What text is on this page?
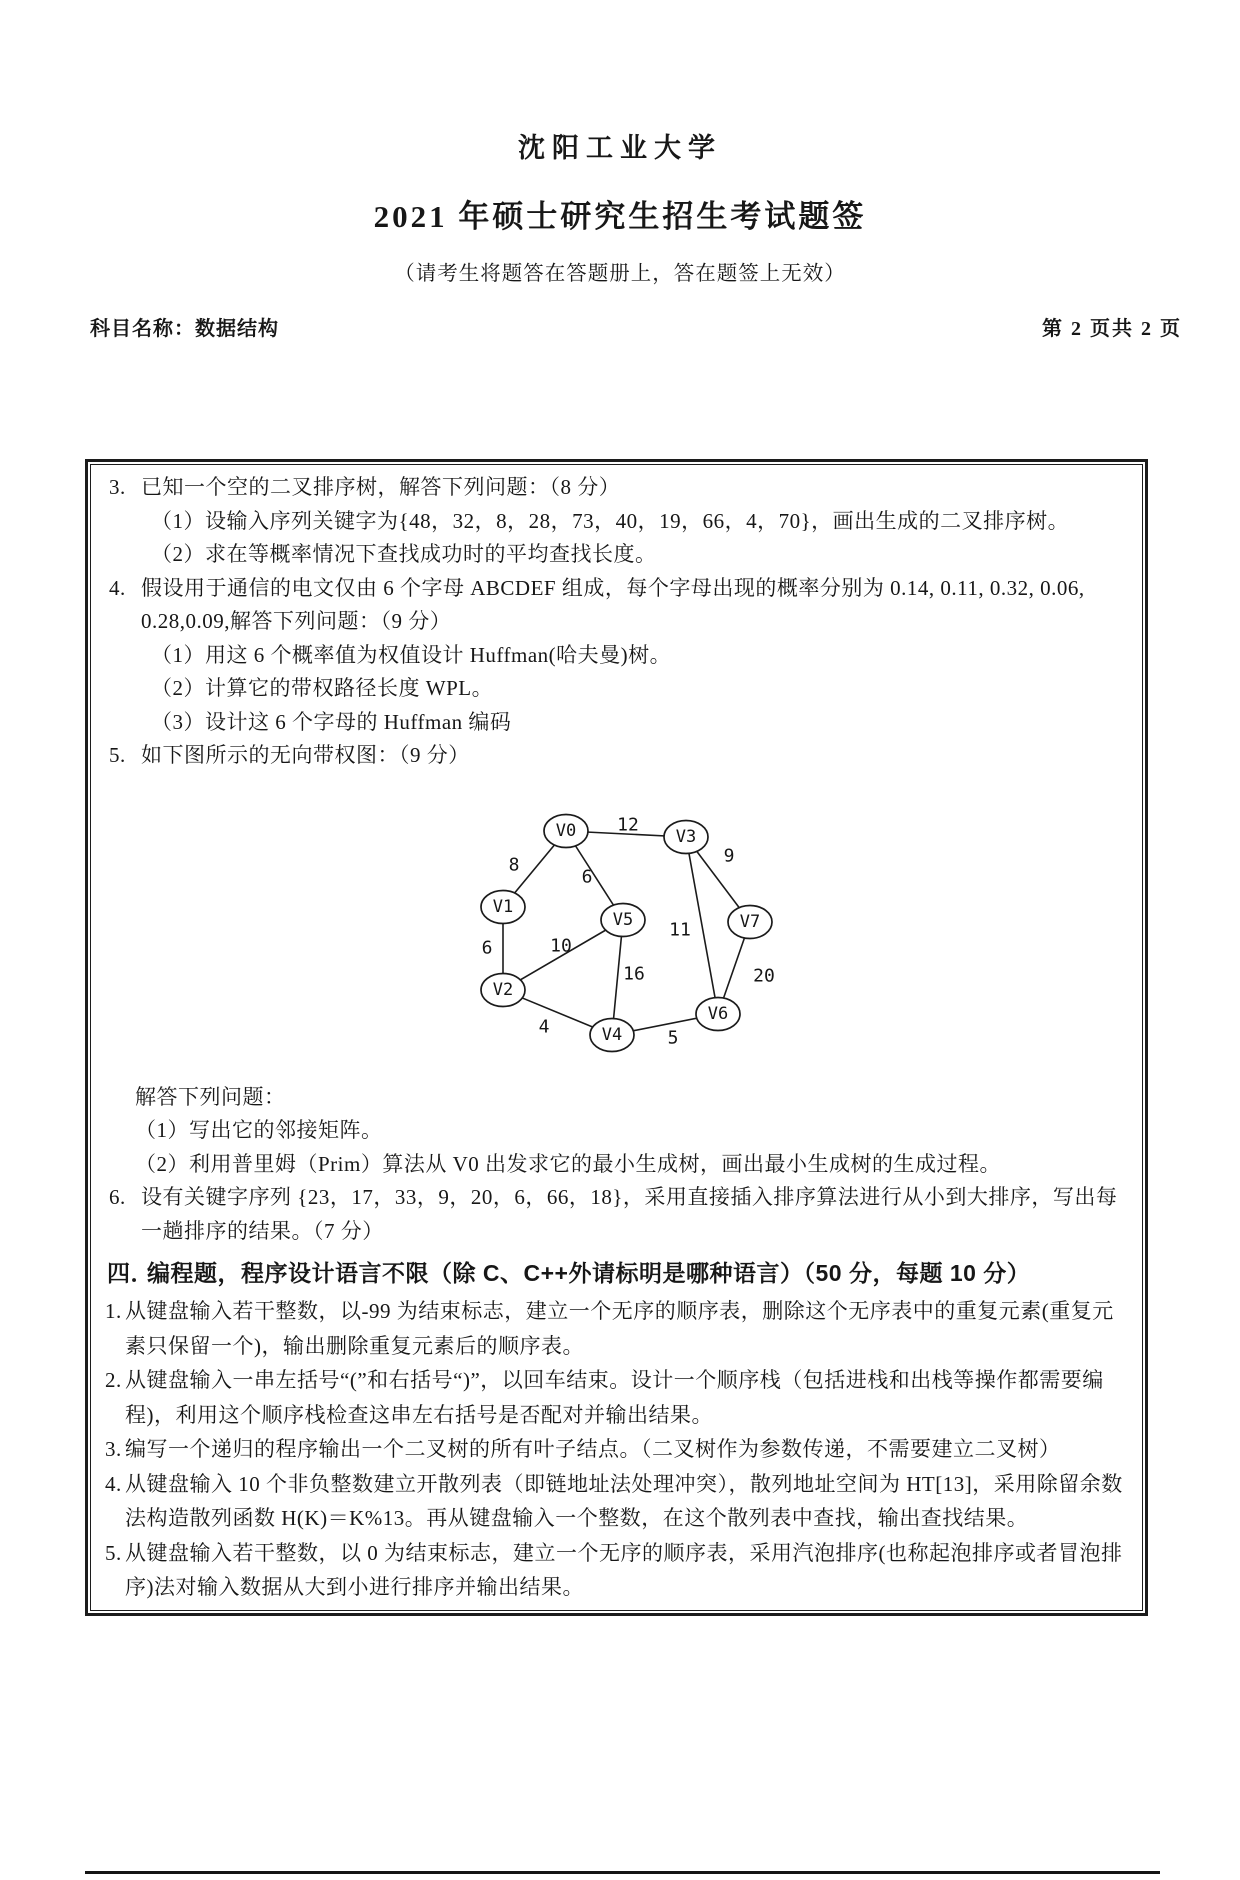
沈阳工业大学
2021 年硕士研究生招生考试题签
（请考生将题答在答题册上，答在题签上无效）
科目名称：数据结构	第 2 页共 2 页
3. 已知一个空的二叉排序树，解答下列问题：（8 分）
（1）设输入序列关键字为{48，32，8，28，73，40，19，66，4，70}，画出生成的二叉排序树。
（2）求在等概率情况下查找成功时的平均查找长度。
4. 假设用于通信的电文仅由 6 个字母 ABCDEF 组成，每个字母出现的概率分别为 0.14, 0.11, 0.32, 0.06, 0.28,0.09,解答下列问题：（9 分）
（1）用这 6 个概率值为权值设计 Huffman(哈夫曼)树。
（2）计算它的带权路径长度 WPL。
（3）设计这 6 个字母的 Huffman 编码
5. 如下图所示的无向带权图：（9 分）
V0	V3
V1
V5	V7
V2
V4
V6
12
8
6
9
11
6	10
16	20
4
5
解答下列问题：
（1）写出它的邻接矩阵。
（2）利用普里姆（Prim）算法从 V0 出发求它的最小生成树，画出最小生成树的生成过程。
6. 设有关键字序列 {23，17，33，9，20，6，66，18}，采用直接插入排序算法进行从小到大排序，写出每一趟排序的结果。（7 分）
四．
编程题，程序设计语言不限（除 C、C++外请标明是哪种语言）（50 分，每题 10 分）
1. 从键盘输入若干整数，以-99 为结束标志，建立一个无序的顺序表，删除这个无序表中的重复元素(重复元素只保留一个)，输出删除重复元素后的顺序表。
2. 从键盘输入一串左括号“(”和右括号“)”，以回车结束。设计一个顺序栈（包括进栈和出栈等操作都需要编程)，利用这个顺序栈检查这串左右括号是否配对并输出结果。
3. 编写一个递归的程序输出一个二叉树的所有叶子结点。（二叉树作为参数传递，不需要建立二叉树）
4. 从键盘输入 10 个非负整数建立开散列表（即链地址法处理冲突），散列地址空间为 HT[13]，采用除留余数法构造散列函数 H(K)＝K%13。再从键盘输入一个整数，在这个散列表中查找，输出查找结果。
5. 从键盘输入若干整数，以 0 为结束标志，建立一个无序的顺序表，采用汽泡排序(也称起泡排序或者冒泡排序)法对输入数据从大到小进行排序并输出结果。
